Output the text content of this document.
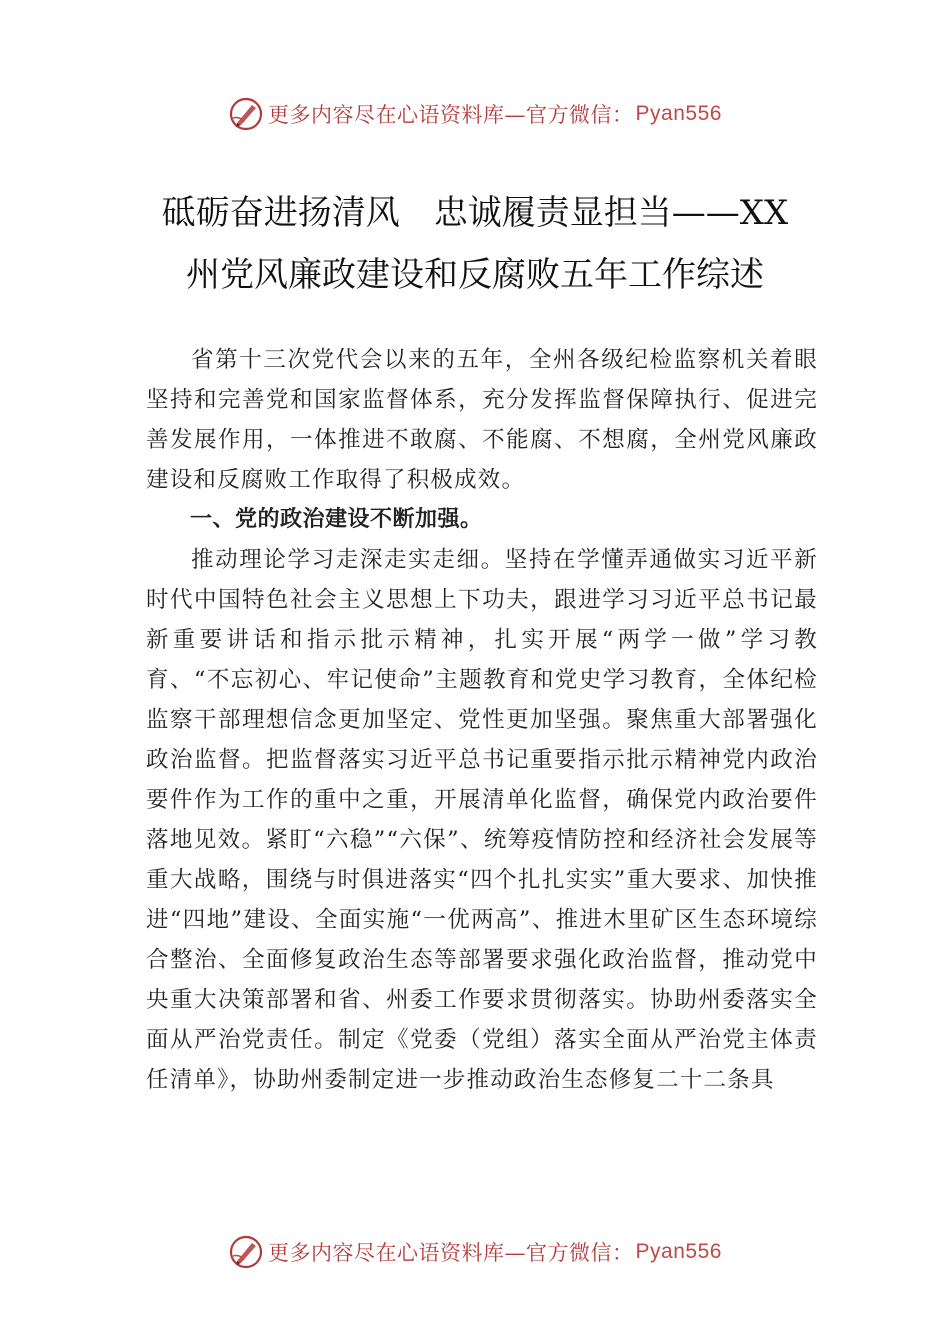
更多内容尽在心语资料库—官方微信： Pyan556
砥砺奋进扬清风　忠诚履责显担当——XX
州党风廉政建设和反腐败五年工作综述

省第十三次党代会以来的五年，全州各级纪检监察机关着眼坚持和完善党和国家监督体系，充分发挥监督保障执行、促进完善发展作用，一体推进不敢腐、不能腐、不想腐，全州党风廉政建设和反腐败工作取得了积极成效。

一、党的政治建设不断加强。

推动理论学习走深走实走细。坚持在学懂弄通做实习近平新时代中国特色社会主义思想上下功夫，跟进学习习近平总书记最新重要讲话和指示批示精神，扎实开展“两学一做”学习教育、“不忘初心、牢记使命”主题教育和党史学习教育，全体纪检监察干部理想信念更加坚定、党性更加坚强。聚焦重大部署强化政治监督。把监督落实习近平总书记重要指示批示精神党内政治要件作为工作的重中之重，开展清单化监督，确保党内政治要件落地见效。紧盯“六稳”“六保”、统筹疫情防控和经济社会发展等重大战略，围绕与时俱进落实“四个扎扎实实”重大要求、加快推进“四地”建设、全面实施“一优两高”、推进木里矿区生态环境综合整治、全面修复政治生态等部署要求强化政治监督，推动党中央重大决策部署和省、州委工作要求贯彻落实。协助州委落实全面从严治党责任。制定《党委（党组）落实全面从严治党主体责任清单》，协助州委制定进一步推动政治生态修复二十二条具

更多内容尽在心语资料库—官方微信： Pyan556
